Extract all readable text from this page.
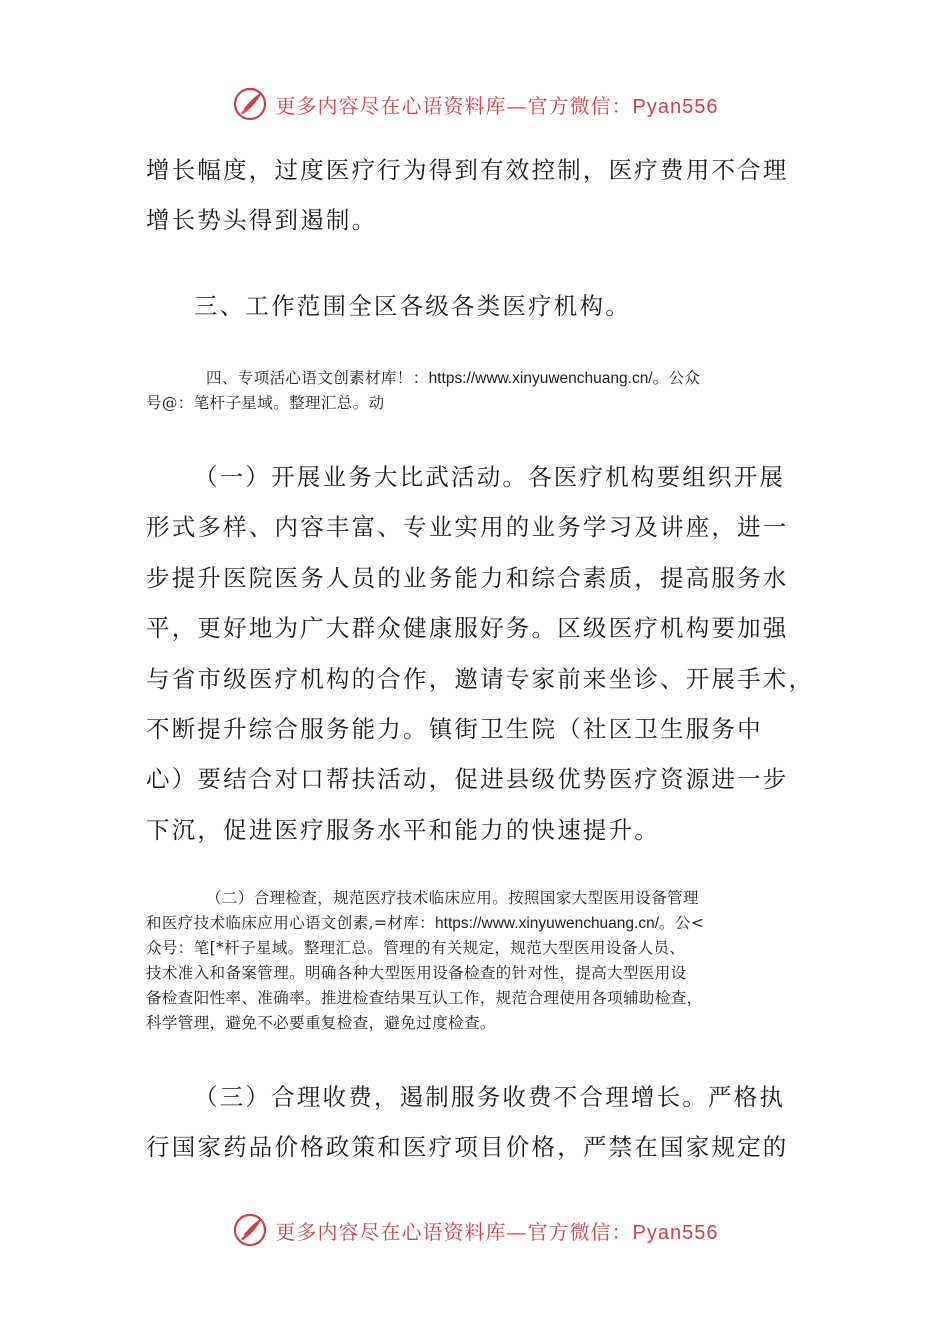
更多内容尽在心语资料库—官方微信：Pyan556
增长幅度，过度医疗行为得到有效控制，医疗费用不合理
增长势头得到遏制。
三、工作范围全区各级各类医疗机构。
四、专项活心语文创素材库！：https://www.xinyuwenchuang.cn/。公众
号@：笔杆子星域。整理汇总。动
（一）开展业务大比武活动。各医疗机构要组织开展
形式多样、内容丰富、专业实用的业务学习及讲座，进一
步提升医院医务人员的业务能力和综合素质，提高服务水
平，更好地为广大群众健康服好务。区级医疗机构要加强
与省市级医疗机构的合作，邀请专家前来坐诊、开展手术，
不断提升综合服务能力。镇街卫生院（社区卫生服务中
心）要结合对口帮扶活动，促进县级优势医疗资源进一步
下沉，促进医疗服务水平和能力的快速提升。
（二）合理检查，规范医疗技术临床应用。按照国家大型医用设备管理
和医疗技术临床应用心语文创素,=材库：https://www.xinyuwenchuang.cn/。公<
众号：笔[*杆子星域。整理汇总。管理的有关规定，规范大型医用设备人员、
技术准入和备案管理。明确各种大型医用设备检查的针对性，提高大型医用设
备检查阳性率、准确率。推进检查结果互认工作，规范合理使用各项辅助检查，
科学管理，避免不必要重复检查，避免过度检查。
（三）合理收费，遏制服务收费不合理增长。严格执
行国家药品价格政策和医疗项目价格，严禁在国家规定的
更多内容尽在心语资料库—官方微信：Pyan556
